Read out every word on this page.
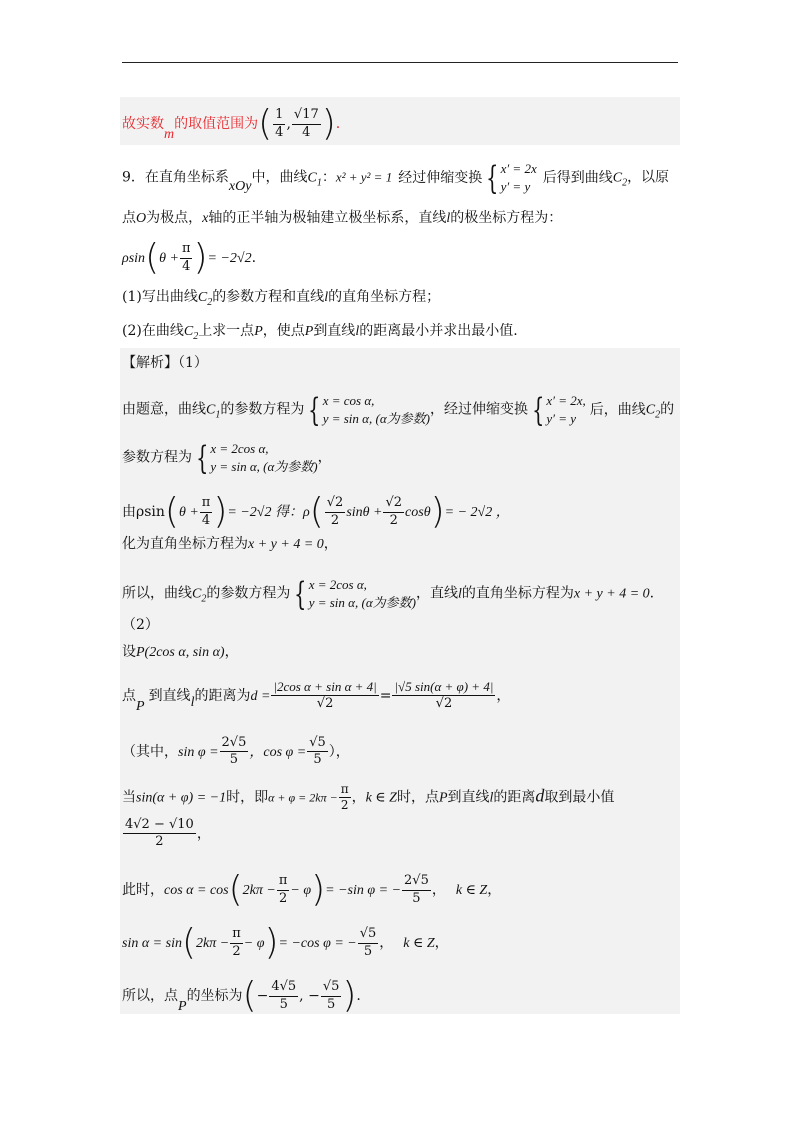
故实数m的取值范围为( $\frac{1}{4}$ , $\frac{√17}{4}$ ).
9．在直角坐标系xOy中，曲线$C_1$：x² + y² = 1 经过伸缩变换 { x′ = 2x
y′ = y
后得到曲线$C_2$，以原
点O为极点，x轴的正半轴为极轴建立极坐标系，直线l的极坐标方程为：
$\rho\sin(\theta + \frac{\pi}{4}$ )= −2√2.
(1)写出曲线$C_2$的参数方程和直线l的直角坐标方程；
(2)在曲线$C_2$上求一点P，使点P到直线l的距离最小并求出最小值.
【解析】（1）
由题意，曲线$C_1$的参数方程为 { x = cos α,
y = sin α, (α为参数)
，经过伸缩变换 { x′ = 2x,
y′ = y
后，曲线$C_2$的
参数方程为 { x = 2cos α,
y = sin α, (α为参数)
，
由$\rho\sin(\theta + \frac{\pi}{4}$ )= −2√2 得：$\rho( \frac{√2}{2}$ $\sin\theta + \frac{√2}{2} \cos\theta)= - 2√2$ ，
化为直角坐标方程为x + y + 4 = 0，
所以，曲线$C_2$的参数方程为 { x = 2cos α,
y = sin α, (α为参数)
，直线l的直角坐标方程为x + y + 4 = 0.
（2）
设P(2cos α, sin α)，
点P到直线l的距离为$d = \frac{\text{|2cos α + sin α + 4|}}{√2} = \frac{|√5 \sin(\alpha + \varphi) + 4|}{√2}$ ，
（其中，$\sin \varphi = \frac{2√5}{5}$ ，$\cos \varphi = \frac{√5}{5}$ ），
当sin(α + φ) = −1时，即$\alpha + \varphi = 2k\pi - \frac{\pi}{2}$ ，k ∈ Z时，点P到直线l的距离d取到最小值
$\frac{4√2 - √10}{2}$ ，
此时，$\cos \alpha = \cos(2k\pi - \frac{\pi}{2} - \varphi)= -\sin$ φ = − $\frac{2√5}{5}$ ， k ∈ Z，
$\sin \alpha = \sin(2k\pi - \frac{\pi}{2} - \varphi)= -\cos$ φ = − $\frac{√5}{5}$ ， k ∈ Z，
所以，点P的坐标为(− $\frac{4√5}{5}$ , − $\frac{√5}{5}$ ).
